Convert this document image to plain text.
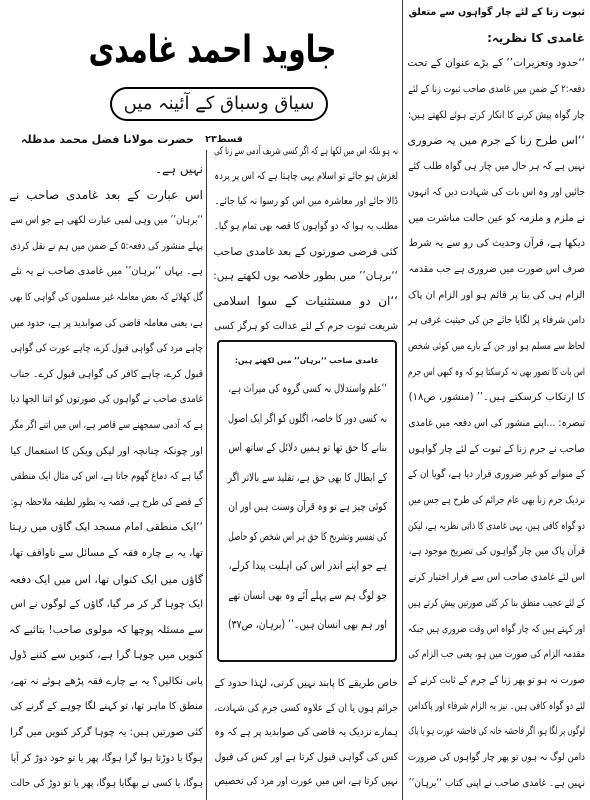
جاوید احمد غامدی
سیاق وسباق کے آئینہ میں
حضرت مولانا فضل محمد مدظلہ	قسط۲۳
ثبوت زنا کے لئے چار گواہوں سے متعلق
غامدی کا نظریہ:
‘‘حدود وتعزیرات’’ کے بڑے عنوان کے تحت
دفعہ:۲ کے ضمن میں غامدی صاحب ثبوت زنا کے لئے
چار گواہ پیش کرنے کا انکار کرتے ہوئے لکھتے ہیں:
‘‘اس طرح زنا کے جرم میں یہ ضروری
نہیں ہے کہ ہر حال میں چار ہی گواہ طلب کئے
جائیں اور وہ اس بات کی شہادت دیں کہ انہوں
نے ملزم و ملزمہ کو عین حالت مباشرت میں
دیکھا ہے، قرآن وحدیث کی رو سے یہ شرط
صرف اس صورت میں ضروری ہے جب مقدمہ
الزام ہی کی بنا پر قائم ہو اور الزام ان پاک
دامن شرفاء پر لگایا جائے جن کی حیثیت عرفی ہر
لحاظ سے مسلم ہو اور جن کے بارے میں کوئی شخص
اس بات کا تصور بھی نہ کرسکتا ہو کہ وہ کبھی اس جرم
کا ارتکاب کرسکتے ہیں۔’’ (منشور، ص۱۸)
تبصرہ: …اپنے منشور کی اس دفعہ میں غامدی
صاحب نے جرم زنا کے ثبوت کے لئے چار گواہوں
کے منوانے کو غیر ضروری قرار دیا ہے، گویا ان کے
نزدیک جرم زنا بھی عام جرائم کی طرح ہے جس میں
دو گواہ کافی ہیں، یہی غامدی کا ذاتی نظریہ ہے، لیکن
قرآن پاک میں چار گواہوں کی تصریح موجود ہے،
اس لئے غامدی صاحب اس سے فرار اختیار کرنے
کے لئے عجیب منطق بنا کر کئی صورتیں پیش کرتے ہیں
اور کہتے ہیں کہ چار گواہ اس وقت ضروری ہیں جبکہ
مقدمہ الزام کی صورت میں ہو، یعنی جب الزام کی
صورت نہ ہو تو پھر زنا کے جرم کے ثابت کرنے کے
لئے دو گواہ کافی ہیں۔ نیز یہ الزام شرفاء اور پاکدامن
لوگوں پر لگا ہو، اگر فاحشہ خانہ کی فاحشہ عورت ہو یا پاک
دامن لوگ نہ ہوں تو پھر چار گواہوں کی ضرورت
نہیں ہے۔ غامدی صاحب نے اپنی کتاب ‘‘برہان’’
نہ ہو بلکہ اس میں لکھا ہے کہ اگر کسی شریف آدمی سے زنا کی
لغزش ہو جائے تو اسلام یہی چاہتا ہے کہ اس پر پردہ
ڈالا جائے اور معاشرہ میں اس کو رسوا نہ کیا جائے۔
مطلب یہ ہوا کہ دو گواہوں کا قصہ بھی تمام ہو گیا۔
کئی فرضی صورتوں کے بعد غامدی صاحب
‘‘برہان’’ میں بطور خلاصہ یوں لکھتے ہیں:
‘‘ان دو مستثنیات کے سوا اسلامی
شریعت ثبوت جرم کے لئے عدالت کو ہرگز کسی
غامدی صاحب ‘‘برہان’’ میں لکھتے ہیں:
‘‘علم واستدلال نہ کسی گروہ کی میراث ہے،
نہ کسی دور کا خاصہ، اگلوں کو اگر ایک اصول
بنانے کا حق تھا تو ہمیں دلائل کے ساتھ اس
کے ابطال کا بھی حق ہے، تقلید سے بالاتر اگر
کوئی چیز ہے تو وہ قرآن وسنت ہیں اور ان
کی تفسیر وتشریح کا حق ہر اس شخص کو حاصل
ہے جو اپنے اندر اس کی اہلیت پیدا کرلے،
جو لوگ ہم سے پہلے آئے وہ بھی انسان تھے
اور ہم بھی انسان ہیں۔’’ (برہان، ص۳۷)
خاص طریقے کا پابند نہیں کرتی، لہٰذا حدود کے
جرائم ہوں یا ان کے علاوہ کسی جرم کی شہادت،
ہمارے نزدیک یہ قاضی کی صوابدید پر ہے کہ وہ
کس کی گواہی قبول کرتا ہے اور کس کی قبول
نہیں کرتا ہے، اس میں عورت اور مرد کی تخصیص
نہیں ہے۔
اس عبارت کے بعد غامدی صاحب نے
‘‘برہان’’ میں وہی لمبی عبارت لکھی ہے جو اس سے
پہلے منشور کی دفعہ:۵ کے ضمن میں ہم نے نقل کردی
ہے۔ یہاں ‘‘برہان’’ میں غامدی صاحب نے یہ نئے
گل کھلائے کہ بعض معاملہ غیر مسلموں کی گواہی کا بھی
ہے، یعنی معاملہ قاضی کی صوابدید پر ہے، حدود میں
چاہے مرد کی گواہی قبول کرے، چاہے عورت کی گواہی
قبول کرے، چاہے کافر کی گواہی قبول کرے۔ جناب
غامدی صاحب نے گواہوں کی صورتوں کو اتنا الجھا دیا
ہے کہ آدمی سمجھنے سے قاصر ہے، اس میں اتنے اگر مگر
اور چونکہ چنانچہ اور لیکن ویکن کا استعمال کیا
گیا ہے کہ دماغ گھوم جاتا ہے، اس کی مثال ایک منطقی
کے قصے کی طرح ہے، قصہ یہ بطور لطیفہ ملاحظہ ہو:
‘‘ایک منطقی امام مسجد ایک گاؤں میں رہتا
تھا، یہ بے چارہ فقہ کے مسائل سے ناواقف تھا،
گاؤں میں ایک کنواں تھا، اس میں ایک دفعہ
ایک چوہا گر کر مر گیا، گاؤں کے لوگوں نے اس
سے مسئلہ پوچھا کہ مولوی صاحب! بتائیے کہ
کنویں میں چوہا گرا ہے، کنویں سے کتنے ڈول
پانی نکالیں؟ یہ بے چارے فقہ پڑھے ہوئے نہ تھے،
منطق کا ماہر تھا، تو کہنے لگا چوہے کے گرنے کی
کئی صورتیں ہیں: یہ چوہا گرکر کنویں میں گرا
ہوگا یا دوڑتا ہوا گرا ہوگا، پھر یا تو خود دوڑ کر آیا
ہوگا، یا کسی نے بھگایا ہوگا، پھر یا تو دوڑ کی حالت
